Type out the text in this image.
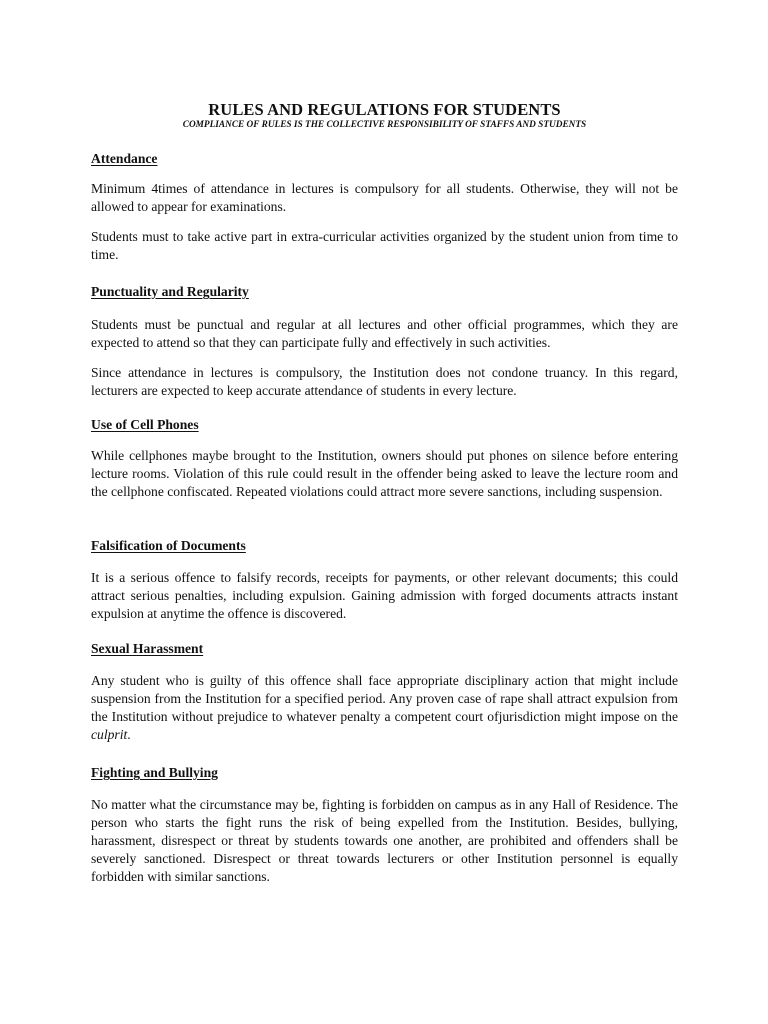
RULES AND REGULATIONS FOR STUDENTS

COMPLIANCE OF RULES IS THE COLLECTIVE RESPONSIBILITY OF STAFFS AND STUDENTS

Attendance

Minimum 4times of attendance in lectures is compulsory for all students. Otherwise, they will not be allowed to appear for examinations.

Students must to take active part in extra-curricular activities organized by the student union from time to time.

Punctuality and Regularity

Students must be punctual and regular at all lectures and other official programmes, which they are expected to attend so that they can participate fully and effectively in such activities.

Since attendance in lectures is compulsory, the Institution does not condone truancy. In this regard, lecturers are expected to keep accurate attendance of students in every lecture.

Use of Cell Phones

While cellphones maybe brought to the Institution, owners should put phones on silence before entering lecture rooms. Violation of this rule could result in the offender being asked to leave the lecture room and the cellphone confiscated. Repeated violations could attract more severe sanctions, including suspension.

Falsification of Documents

It is a serious offence to falsify records, receipts for payments, or other relevant documents; this could attract serious penalties, including expulsion. Gaining admission with forged documents attracts instant expulsion at anytime the offence is discovered.

Sexual Harassment

Any student who is guilty of this offence shall face appropriate disciplinary action that might include suspension from the Institution for a specified period. Any proven case of rape shall attract expulsion from the Institution without prejudice to whatever penalty a competent court ofjurisdiction might impose on the culprit.

Fighting and Bullying

No matter what the circumstance may be, fighting is forbidden on campus as in any Hall of Residence. The person who starts the fight runs the risk of being expelled from the Institution. Besides, bullying, harassment, disrespect or threat by students towards one another, are prohibited and offenders shall be severely sanctioned. Disrespect or threat towards lecturers or other Institution personnel is equally forbidden with similar sanctions.
